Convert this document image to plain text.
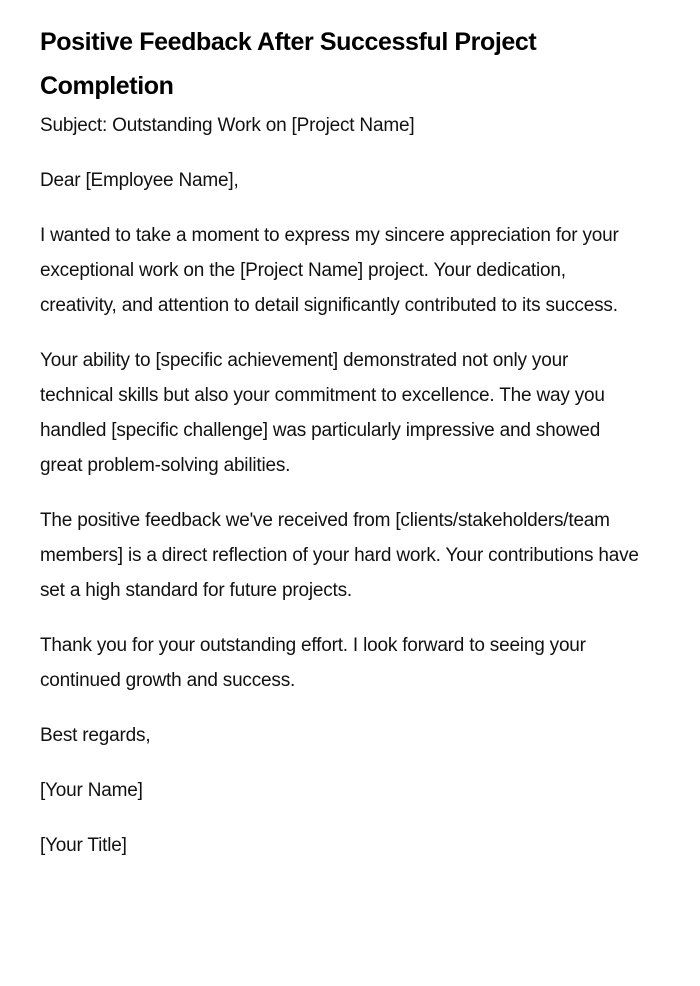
Positive Feedback After Successful Project Completion

Subject: Outstanding Work on [Project Name]

Dear [Employee Name],

I wanted to take a moment to express my sincere appreciation for your exceptional work on the [Project Name] project. Your dedication, creativity, and attention to detail significantly contributed to its success.

Your ability to [specific achievement] demonstrated not only your technical skills but also your commitment to excellence. The way you handled [specific challenge] was particularly impressive and showed great problem-solving abilities.

The positive feedback we've received from [clients/stakeholders/team members] is a direct reflection of your hard work. Your contributions have set a high standard for future projects.

Thank you for your outstanding effort. I look forward to seeing your continued growth and success.

Best regards,

[Your Name]

[Your Title]
